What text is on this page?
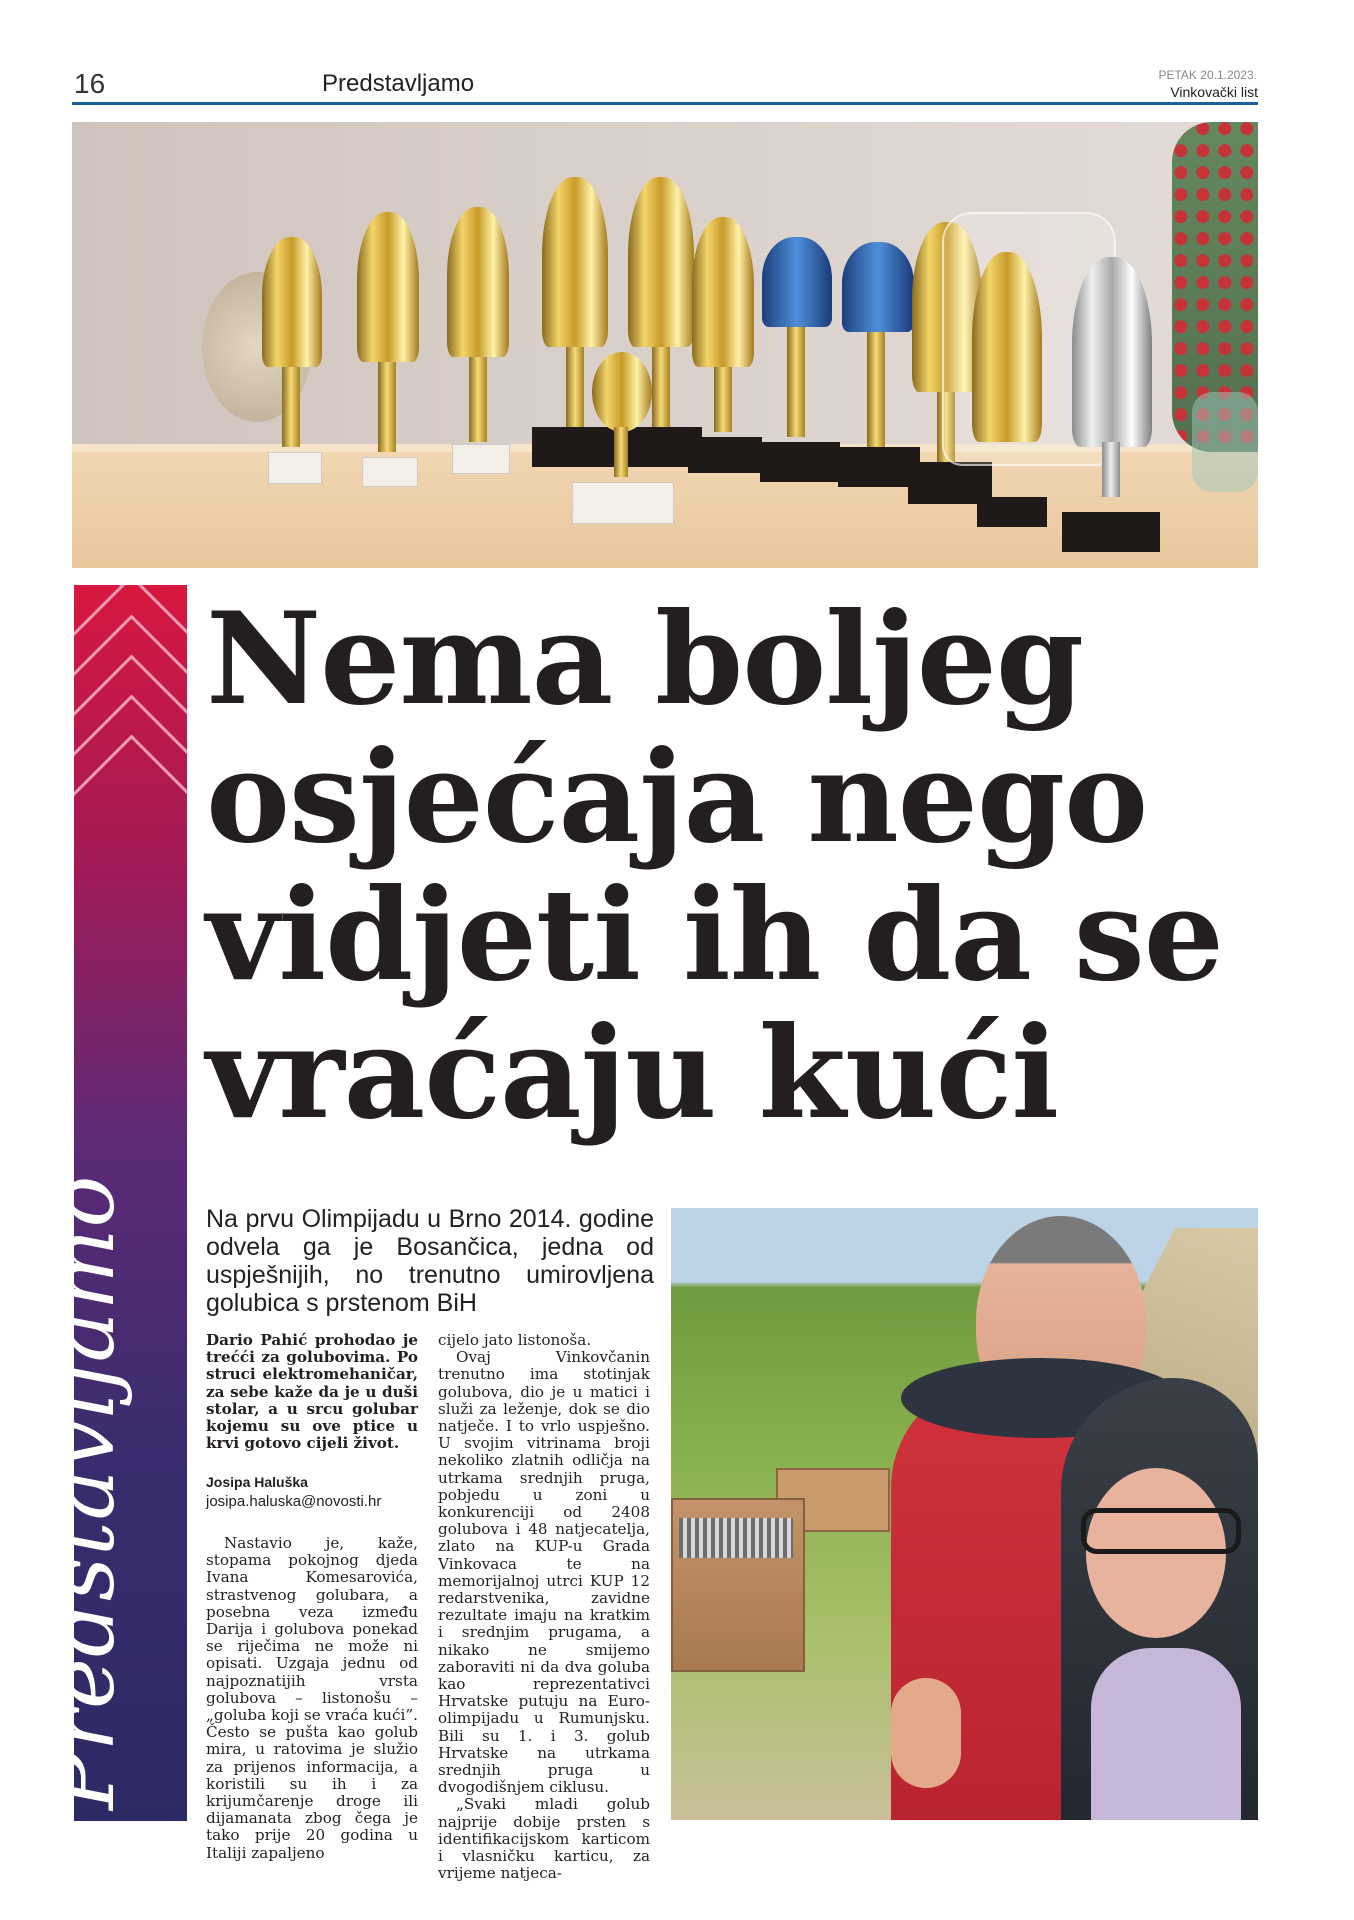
16	Predstavljamo	PETAK 20.1.2023.
Vinkovački list
Predstavljamo
Nema boljeg
osjećaja nego
vidjeti ih da se
vraćaju kući
Na prvu Olimpijadu u Brno 2014. godine odvela ga je Bosančica, jedna od uspješnijih, no trenutno umirovljena golubica s prstenom BiH
Dario Pahić prohodao je trećći za golubovima. Po struci elektromehaničar, za sebe kaže da je u duši stolar, a u srcu golubar kojemu su ove ptice u krvi gotovo cijeli život.
Josipa Haluška
josipa.haluska@novosti.hr

Nastavio je, kaže, stopama pokojnog djeda Ivana Komesarovića, strastvenog golubara, a posebna veza između Darija i golubova ponekad se riječima ne može ni opisati. Uzgaja jednu od najpoznatijih vrsta golubova – listonošu – „goluba koji se vraća kući”. Često se pušta kao golub mira, u ratovima je služio za prijenos informacija, a koristili su ih i za krijumčarenje droge ili dijamanata zbog čega je tako prije 20 godina u Italiji zapaljeno

cijelo jato listonoša.

Ovaj Vinkovčanin trenutno ima stotinjak golubova, dio je u matici i služi za leženje, dok se dio natječe. I to vrlo uspješno. U svojim vitrinama broji nekoliko zlatnih odličja na utrkama srednjih pruga, pobjedu u zoni u konkurenciji od 2408 golubova i 48 natjecatelja, zlato na KUP-u Grada Vinkovaca te na memorijalnoj utrci KUP 12 redarstvenika, zavidne rezultate imaju na kratkim i srednjim prugama, a nikako ne smijemo zaboraviti ni da dva goluba kao reprezentativci Hrvatske putuju na Euro-olimpijadu u Rumunjsku. Bili su 1. i 3. golub Hrvatske na utrkama srednjih pruga u dvogodišnjem ciklusu.

„Svaki mladi golub najprije dobije prsten s identifikacijskom karticom i vlasničku karticu, za vrijeme natjeca-
